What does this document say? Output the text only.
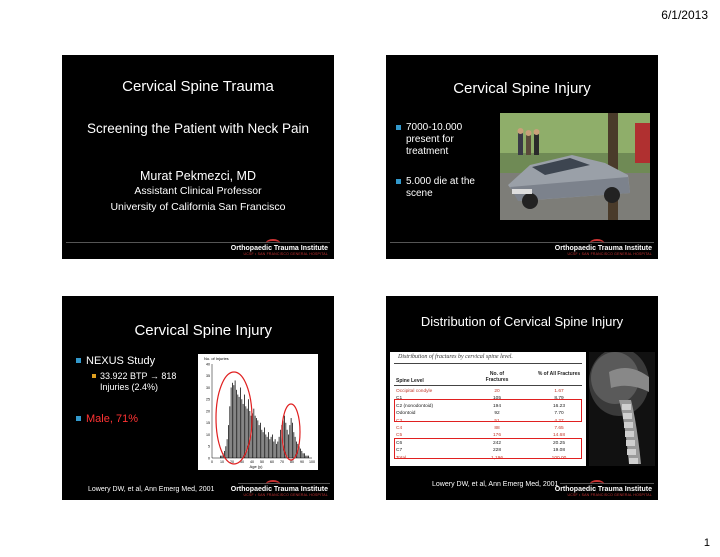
6/1/2013
Cervical Spine Trauma
Screening the Patient with Neck Pain
Murat Pekmezci, MD
Assistant Clinical Professor
University of California San Francisco
Orthopaedic Trauma Institute
UCSF • SAN FRANCISCO GENERAL HOSPITAL
Cervical Spine Injury
7000-10.000 present for treatment
5.000 die at the scene
Orthopaedic Trauma Institute
UCSF • SAN FRANCISCO GENERAL HOSPITAL
Cervical Spine Injury
NEXUS Study
33.922 BTP → 818 Injuries (2.4%)
Male, 71%
40
35
30
25
20
15
10
5
0
0 10 20 30 40 50 60 70 80 90 100
No. of Injuries
Age (y)
Lowery DW, et al, Ann Emerg Med, 2001	Orthopaedic Trauma Institute
UCSF • SAN FRANCISCO GENERAL HOSPITAL
Distribution of Cervical Spine Injury
Distribution of fractures by cervical spine level.
Spine Level
No. of Fractures
% of All Fractures
Occipital condyle	20	1.67
C1	105	8.79
C2 (nonodontoid)	194	16.23
Odontoid	92	7.70
C3	51	4.27
C4	88	7.65
C5	176	14.68
C6	242	20.25
C7	228	19.08
Total	1,196	100.00
Lowery DW, et al, Ann Emerg Med, 2001
Orthopaedic Trauma Institute
UCSF • SAN FRANCISCO GENERAL HOSPITAL
1
